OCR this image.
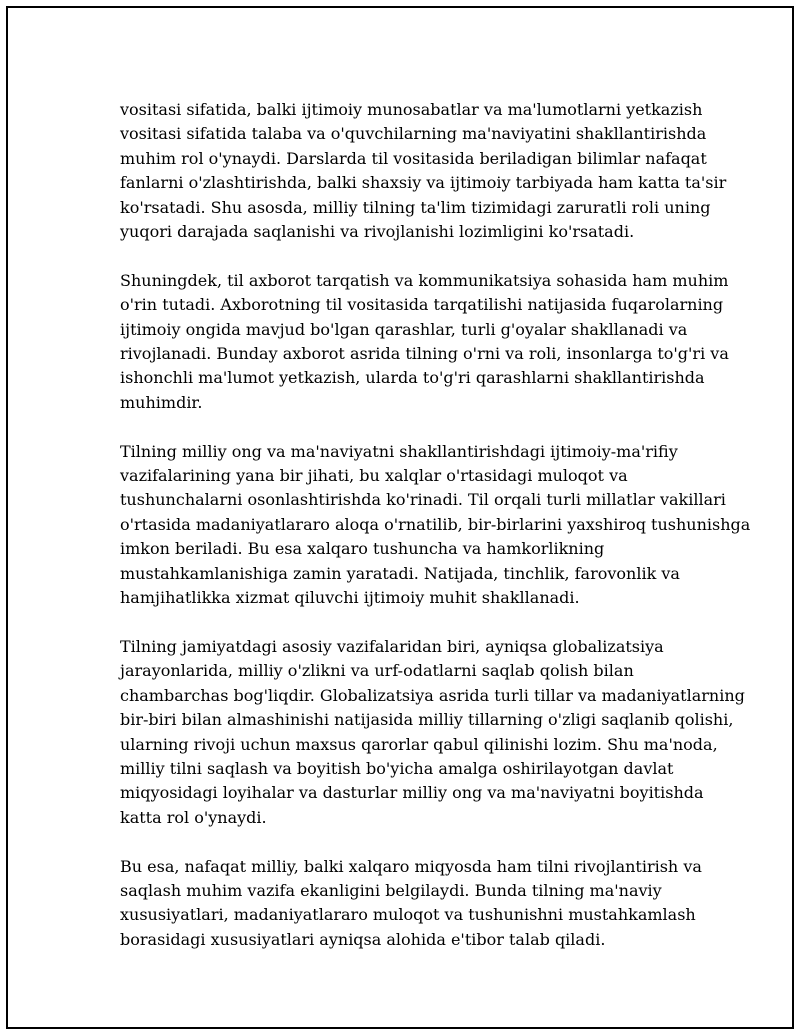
vositasi sifatida, balki ijtimoiy munosabatlar va ma'lumotlarni yetkazish
vositasi sifatida talaba va o'quvchilarning ma'naviyatini shakllantirishda
muhim rol o'ynaydi. Darslarda til vositasida beriladigan bilimlar nafaqat
fanlarni o'zlashtirishda, balki shaxsiy va ijtimoiy tarbiyada ham katta ta'sir
ko'rsatadi. Shu asosda, milliy tilning ta'lim tizimidagi zaruratli roli uning
yuqori darajada saqlanishi va rivojlanishi lozimligini ko'rsatadi.

Shuningdek, til axborot tarqatish va kommunikatsiya sohasida ham muhim
o'rin tutadi. Axborotning til vositasida tarqatilishi natijasida fuqarolarning
ijtimoiy ongida mavjud bo'lgan qarashlar, turli g'oyalar shakllanadi va
rivojlanadi. Bunday axborot asrida tilning o'rni va roli, insonlarga to'g'ri va
ishonchli ma'lumot yetkazish, ularda to'g'ri qarashlarni shakllantirishda
muhimdir.

Tilning milliy ong va ma'naviyatni shakllantirishdagi ijtimoiy-ma'rifiy
vazifalarining yana bir jihati, bu xalqlar o'rtasidagi muloqot va
tushunchalarni osonlashtirishda ko'rinadi. Til orqali turli millatlar vakillari
o'rtasida madaniyatlararo aloqa o'rnatilib, bir-birlarini yaxshiroq tushunishga
imkon beriladi. Bu esa xalqaro tushuncha va hamkorlikning
mustahkamlanishiga zamin yaratadi. Natijada, tinchlik, farovonlik va
hamjihatlikka xizmat qiluvchi ijtimoiy muhit shakllanadi.

Tilning jamiyatdagi asosiy vazifalaridan biri, ayniqsa globalizatsiya
jarayonlarida, milliy o'zlikni va urf-odatlarni saqlab qolish bilan
chambarchas bog'liqdir. Globalizatsiya asrida turli tillar va madaniyatlarning
bir-biri bilan almashinishi natijasida milliy tillarning o'zligi saqlanib qolishi,
ularning rivoji uchun maxsus qarorlar qabul qilinishi lozim. Shu ma'noda,
milliy tilni saqlash va boyitish bo'yicha amalga oshirilayotgan davlat
miqyosidagi loyihalar va dasturlar milliy ong va ma'naviyatni boyitishda
katta rol o'ynaydi.

Bu esa, nafaqat milliy, balki xalqaro miqyosda ham tilni rivojlantirish va
saqlash muhim vazifa ekanligini belgilaydi. Bunda tilning ma'naviy
xususiyatlari, madaniyatlararo muloqot va tushunishni mustahkamlash
borasidagi xususiyatlari ayniqsa alohida e'tibor talab qiladi.
